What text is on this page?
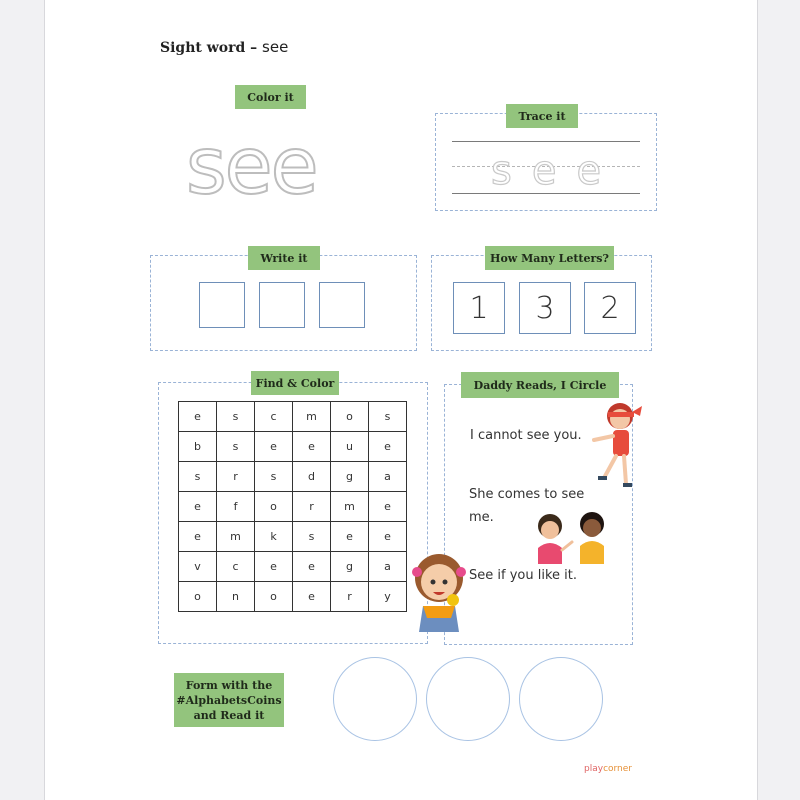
Sight word – see
Color it
see
Trace it
see
Write it	How Many Letters?
1	3	2
Find & Color
e	s	c	m	o	s
b	s	e	e	u	e
s	r	s	d	g	a
e	f	o	r	m	e
e	m	k	s	e	e
v	c	e	e	g	a
o	n	o	e	r	y
Daddy Reads, I Circle
I cannot see you.
She comes to see
me.
See if you like it.
Form with the #AlphabetsCoins and Read it
playcorner
